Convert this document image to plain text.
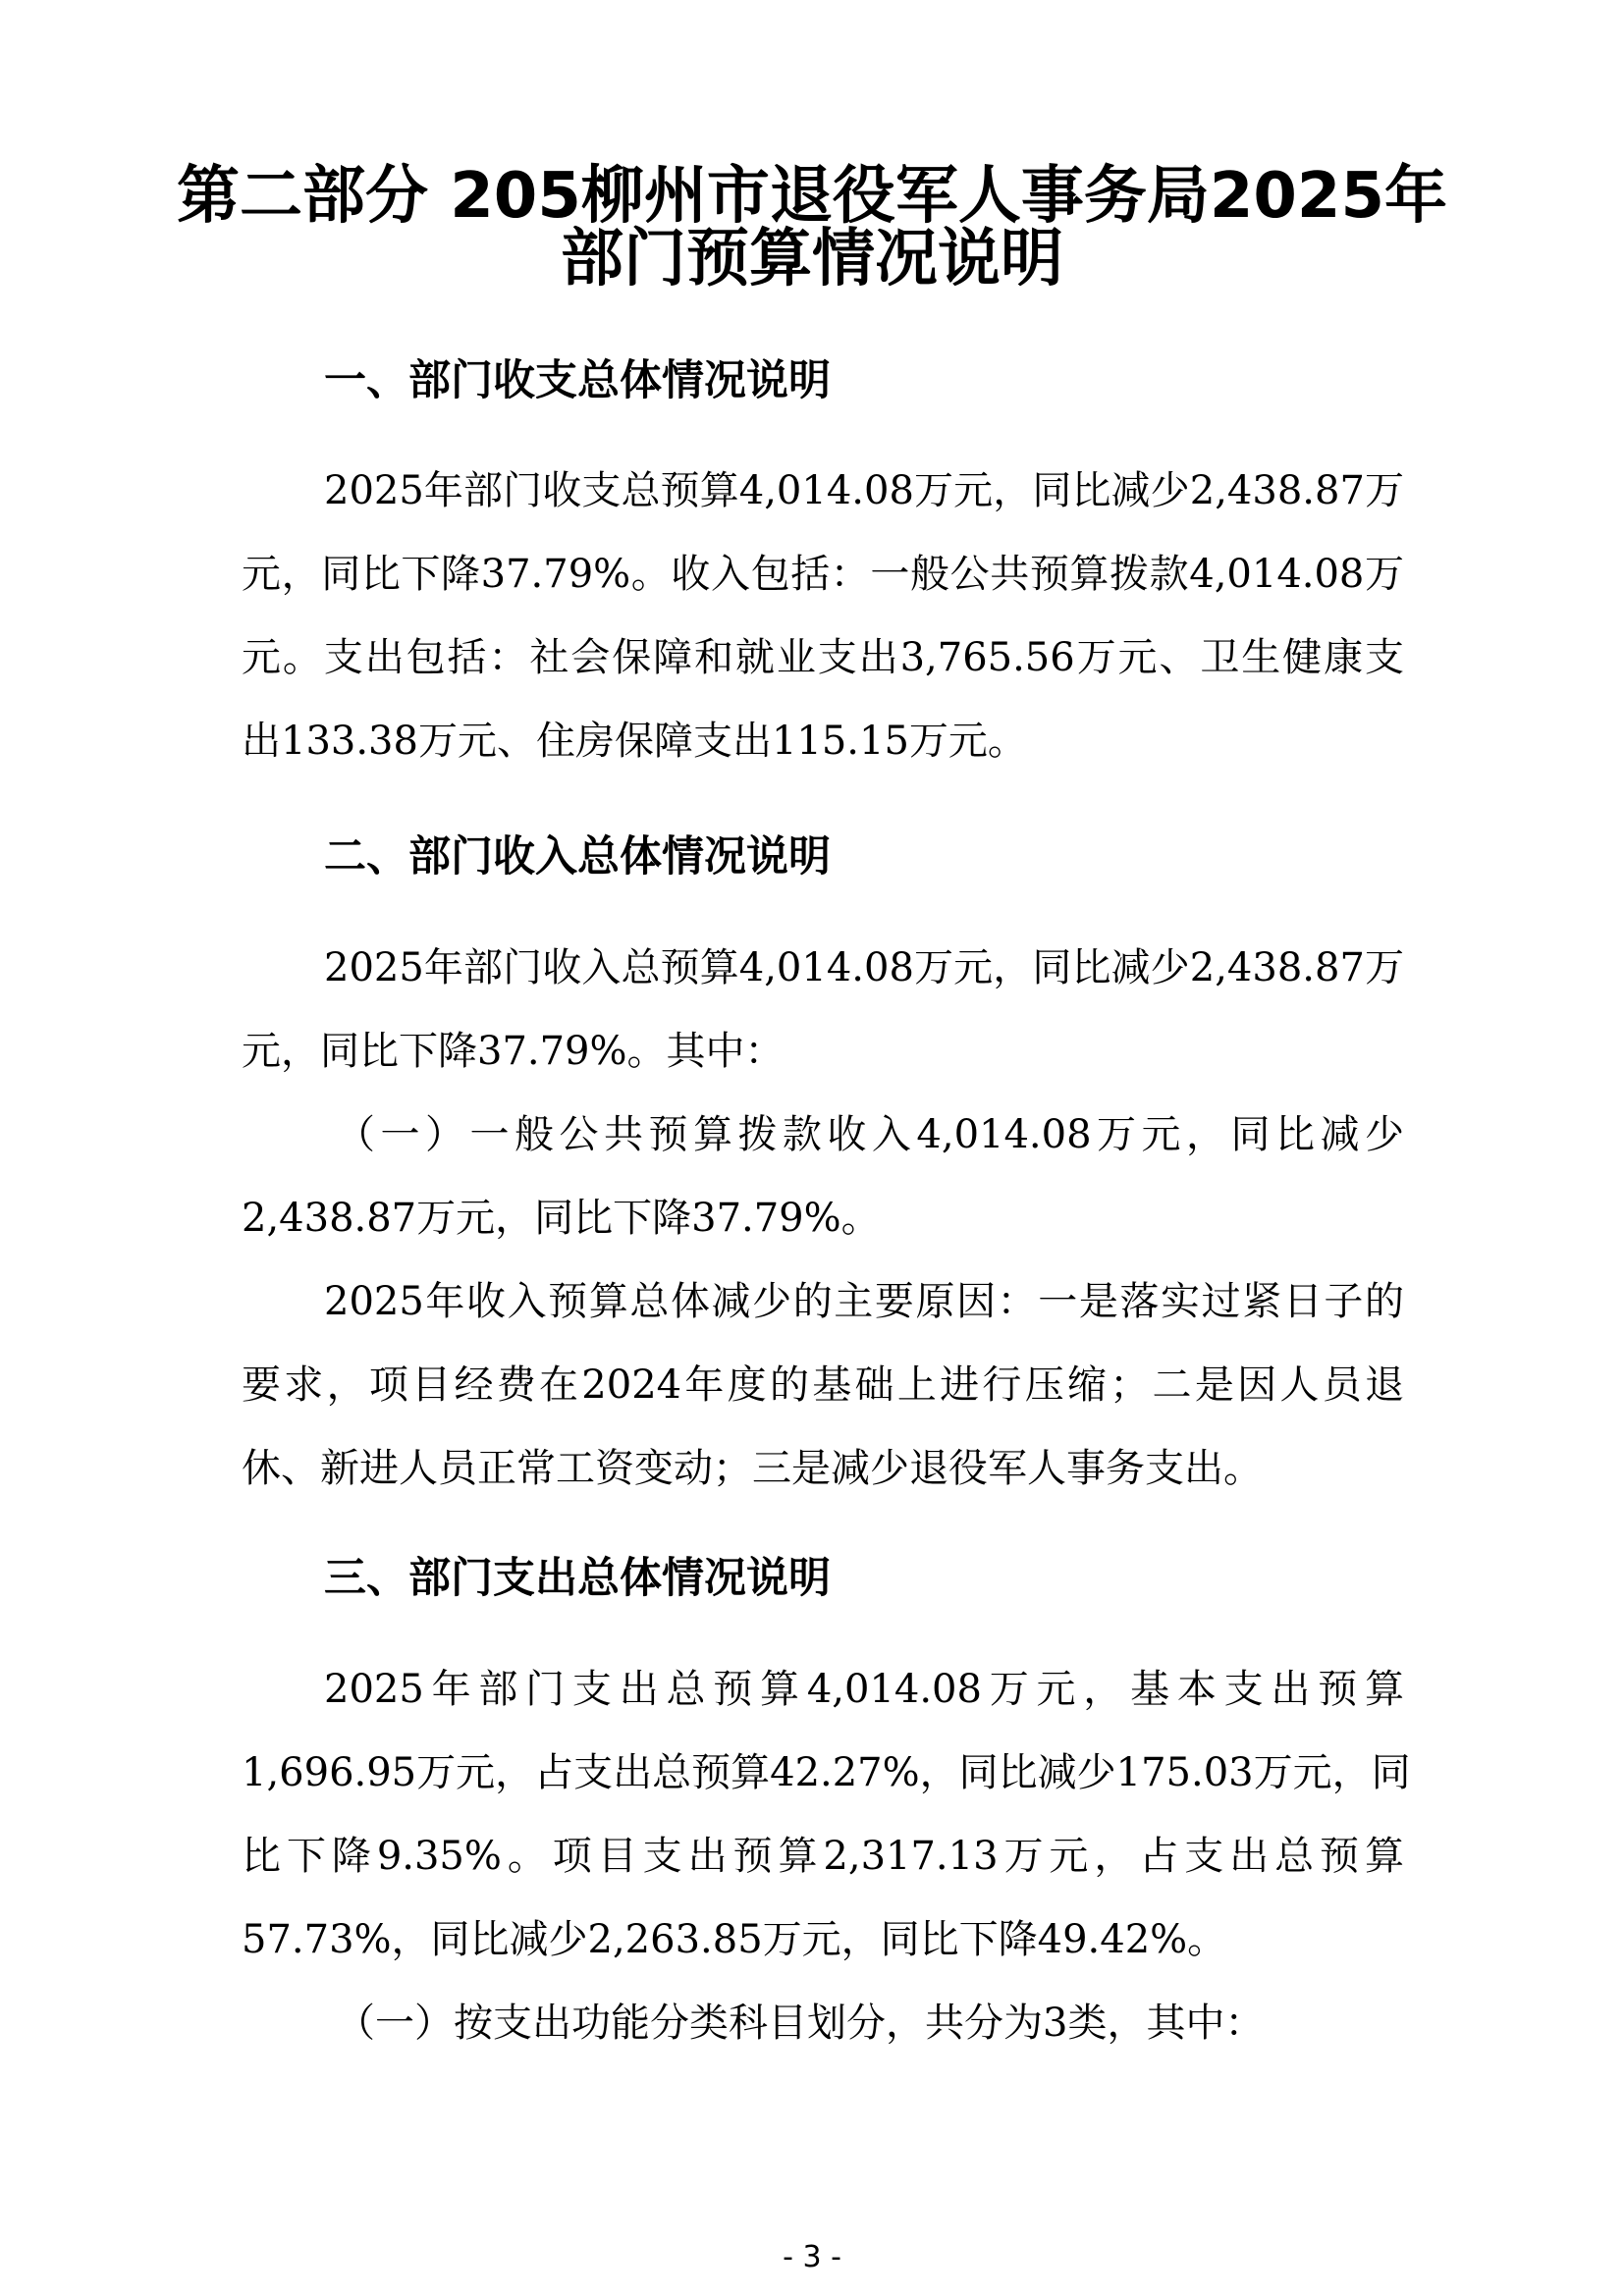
第二部分 205柳州市退役军人事务局2025年
部门预算情况说明
一、部门收支总体情况说明
2025年部门收支总预算4,014.08万元，同比减少2,438.87万
元，同比下降37.79%。收入包括：一般公共预算拨款4,014.08万
元。支出包括：社会保障和就业支出3,765.56万元、卫生健康支
出133.38万元、住房保障支出115.15万元。
二、部门收入总体情况说明
2025年部门收入总预算4,014.08万元，同比减少2,438.87万
元，同比下降37.79%。其中：
（一）一般公共预算拨款收入4,014.08万元，同比减少
2,438.87万元，同比下降37.79%。
2025年收入预算总体减少的主要原因：一是落实过紧日子的
要求，项目经费在2024年度的基础上进行压缩；二是因人员退
休、新进人员正常工资变动；三是减少退役军人事务支出。
三、部门支出总体情况说明
2025年部门支出总预算4,014.08万元，基本支出预算
1,696.95万元，占支出总预算42.27%，同比减少175.03万元，同
比下降9.35%。项目支出预算2,317.13万元，占支出总预算
57.73%，同比减少2,263.85万元，同比下降49.42%。
（一）按支出功能分类科目划分，共分为3类，其中：
- 3 -
